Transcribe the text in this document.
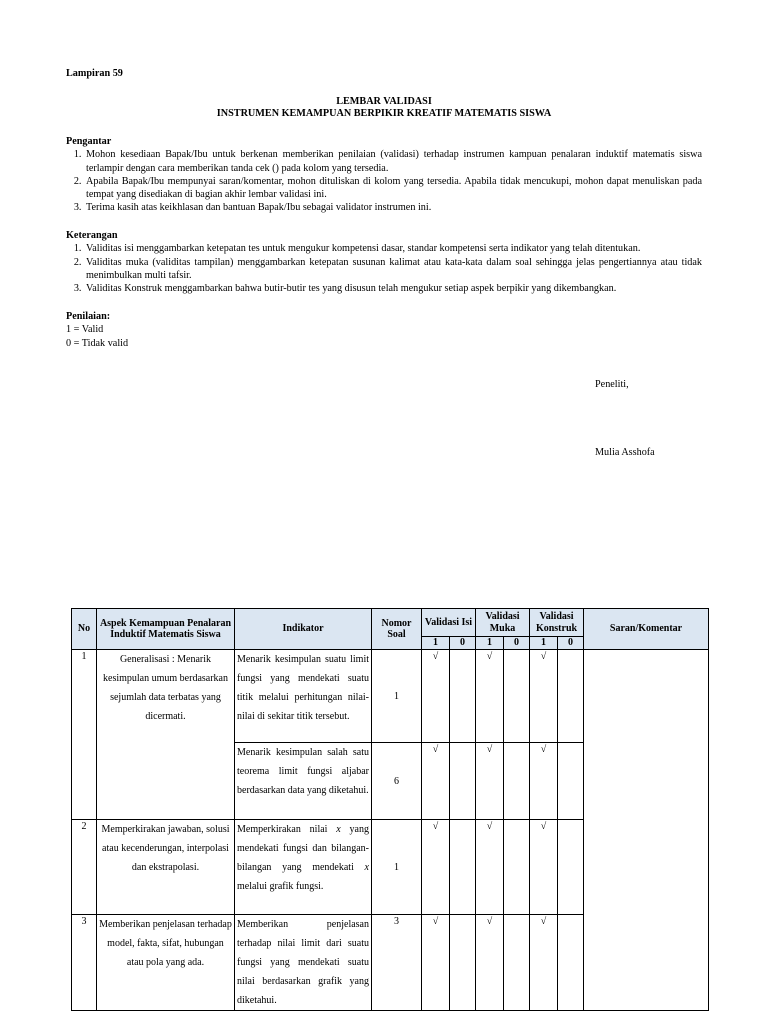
Lampiran 59
LEMBAR VALIDASI
INSTRUMEN KEMAMPUAN BERPIKIR KREATIF MATEMATIS SISWA
Pengantar
1. Mohon kesediaan Bapak/Ibu untuk berkenan memberikan penilaian (validasi) terhadap instrumen kampuan penalaran induktif matematis siswa terlampir dengan cara memberikan tanda cek () pada kolom yang tersedia.
2. Apabila Bapak/Ibu mempunyai saran/komentar, mohon dituliskan di kolom yang tersedia. Apabila tidak mencukupi, mohon dapat menuliskan pada tempat yang disediakan di bagian akhir lembar validasi ini.
3. Terima kasih atas keikhlasan dan bantuan Bapak/Ibu sebagai validator instrumen ini.
Keterangan
1. Validitas isi menggambarkan ketepatan tes untuk mengukur kompetensi dasar, standar kompetensi serta indikator yang telah ditentukan.
2. Validitas muka (validitas tampilan) menggambarkan ketepatan susunan kalimat atau kata-kata dalam soal sehingga jelas pengertiannya atau tidak menimbulkan multi tafsir.
3. Validitas Konstruk menggambarkan bahwa butir-butir tes yang disusun telah mengukur setiap aspek berpikir yang dikembangkan.
Penilaian:
1 = Valid
0 = Tidak valid
Peneliti,
Mulia Asshofa
No	Aspek Kemampuan Penalaran Induktif Matematis Siswa	Indikator	Nomor Soal	Validasi Isi		Validasi Muka		Validasi Konstruk		Saran/Komentar
				1	0	1	0	1	0	
1	Generalisasi : Menarik kesimpulan umum berdasarkan sejumlah data terbatas yang dicermati.	Menarik kesimpulan suatu limit fungsi yang mendekati suatu titik melalui perhitungan nilai-nilai di sekitar titik tersebut.	1	√		√		√		
		Menarik kesimpulan salah satu teorema limit fungsi aljabar berdasarkan data yang diketahui.	6	√		√		√		
2	Memperkirakan jawaban, solusi atau kecenderungan, interpolasi dan ekstrapolasi.	Memperkirakan nilai x yang mendekati fungsi dan bilangan-bilangan yang mendekati x melalui grafik fungsi.	1	√		√		√		
3	Memberikan penjelasan terhadap model, fakta, sifat, hubungan atau pola yang ada.	Memberikan penjelasan terhadap nilai limit dari suatu fungsi yang mendekati suatu nilai berdasarkan grafik yang diketahui.	3	√		√		√		
